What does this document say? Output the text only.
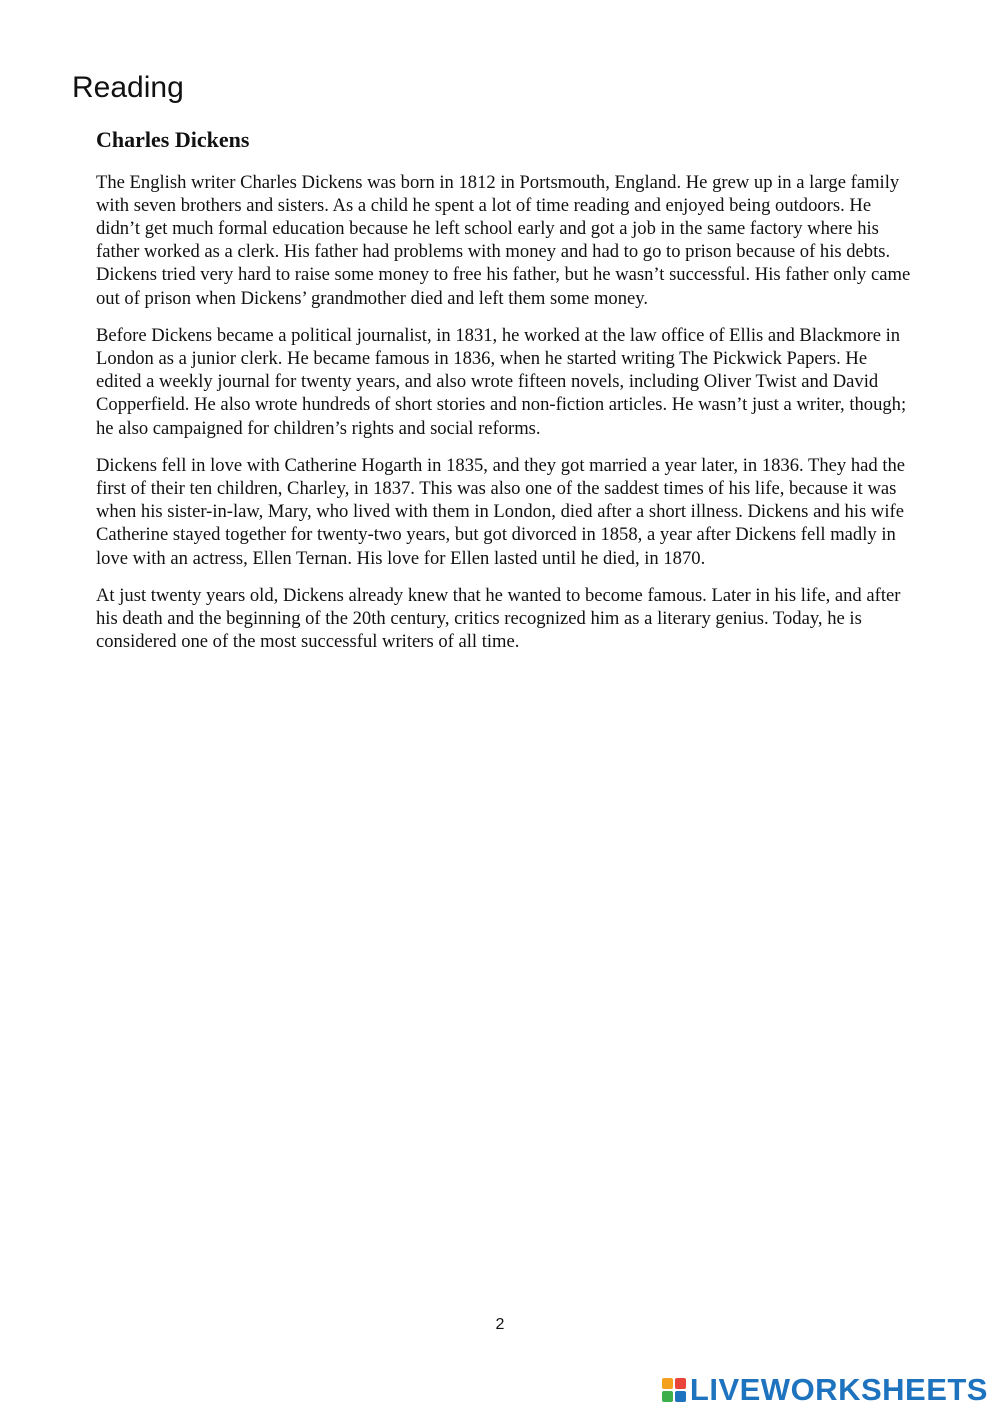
Reading
Charles Dickens

The English writer Charles Dickens was born in 1812 in Portsmouth, England. He grew up in a large family with seven brothers and sisters. As a child he spent a lot of time reading and enjoyed being outdoors. He didn’t get much formal education because he left school early and got a job in the same factory where his father worked as a clerk. His father had problems with money and had to go to prison because of his debts. Dickens tried very hard to raise some money to free his father, but he wasn’t successful. His father only came out of prison when Dickens’ grandmother died and left them some money.

Before Dickens became a political journalist, in 1831, he worked at the law office of Ellis and Blackmore in London as a junior clerk. He became famous in 1836, when he started writing The Pickwick Papers. He edited a weekly journal for twenty years, and also wrote fifteen novels, including Oliver Twist and David Copperfield. He also wrote hundreds of short stories and non-fiction articles. He wasn’t just a writer, though; he also campaigned for children’s rights and social reforms.

Dickens fell in love with Catherine Hogarth in 1835, and they got married a year later, in 1836. They had the first of their ten children, Charley, in 1837. This was also one of the saddest times of his life, because it was when his sister-in-law, Mary, who lived with them in London, died after a short illness. Dickens and his wife Catherine stayed together for twenty-two years, but got divorced in 1858, a year after Dickens fell madly in love with an actress, Ellen Ternan. His love for Ellen lasted until he died, in 1870.

At just twenty years old, Dickens already knew that he wanted to become famous. Later in his life, and after his death and the beginning of the 20th century, critics recognized him as a literary genius. Today, he is considered one of the most successful writers of all time.

2
LIVEWORKSHEETS
